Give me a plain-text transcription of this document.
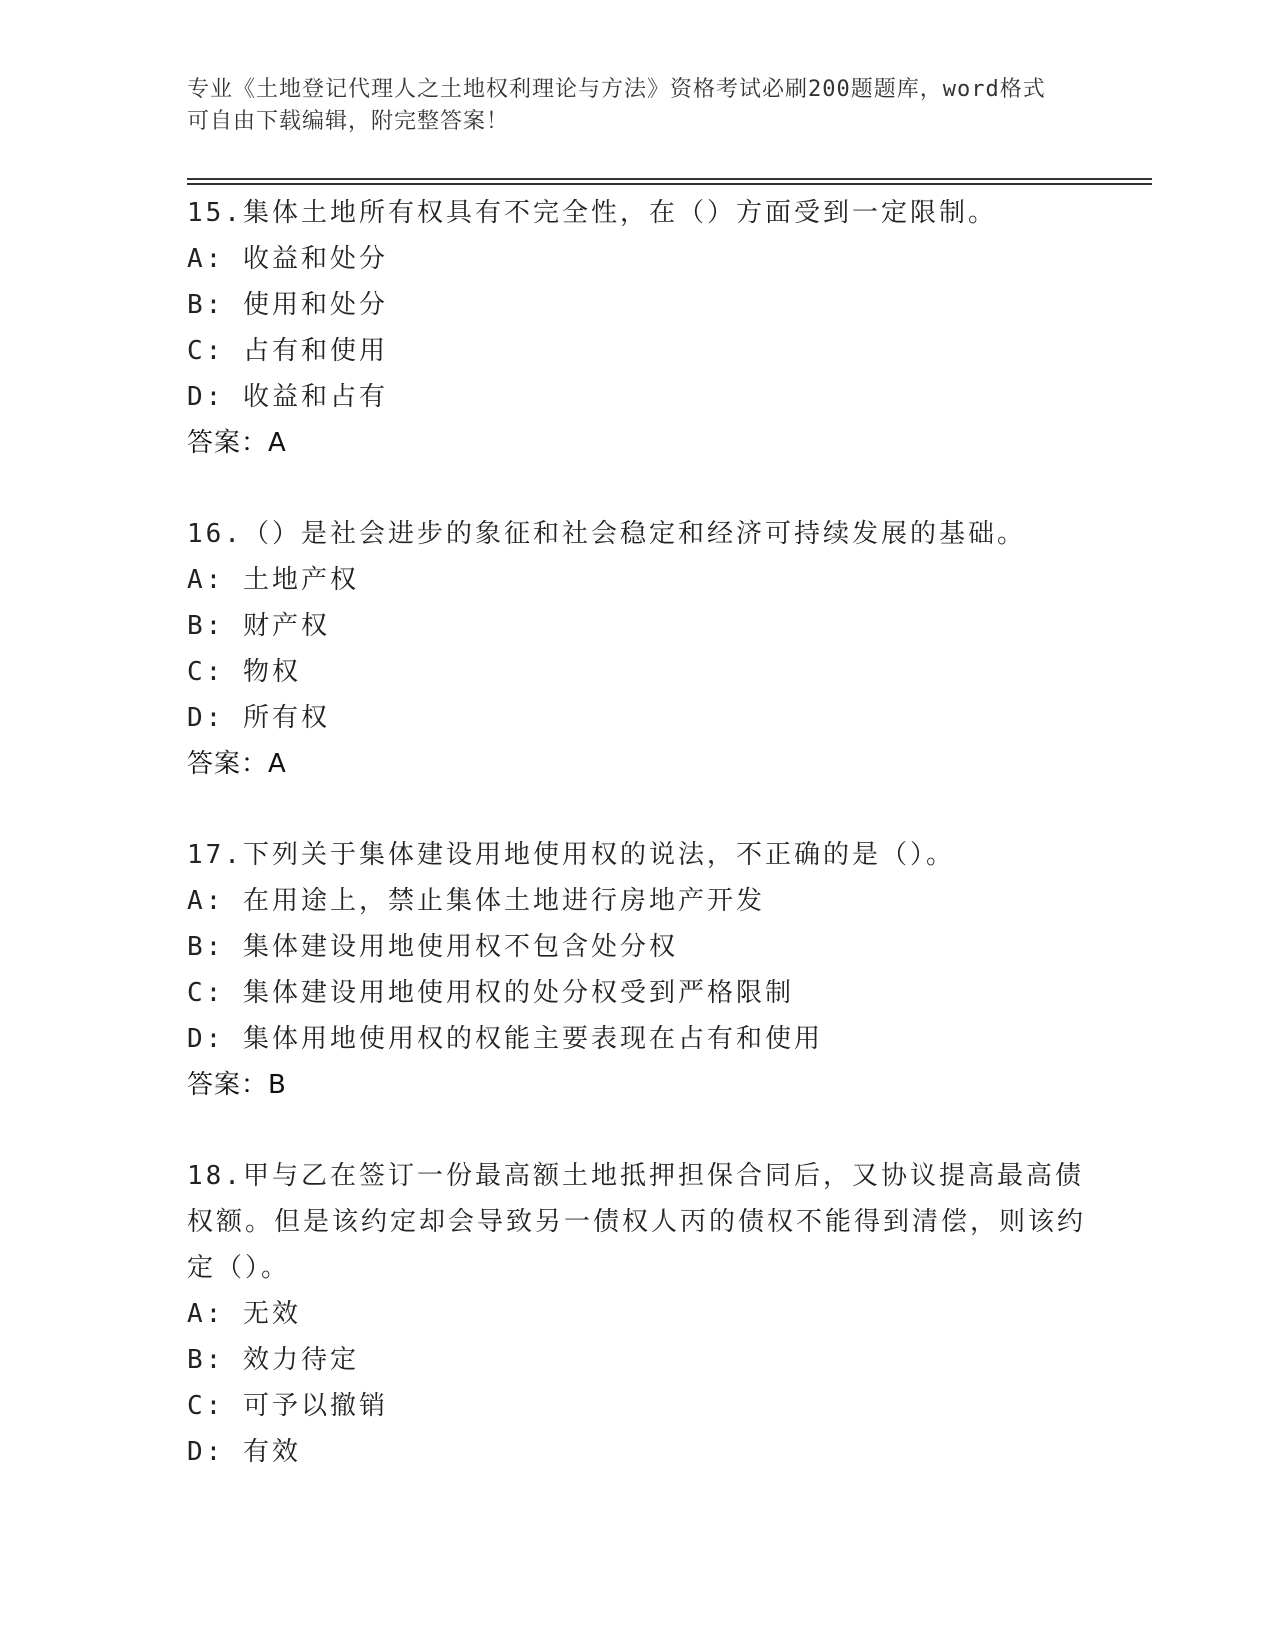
专业《土地登记代理人之土地权利理论与方法》资格考试必刷200题题库，word格式可自由下载编辑，附完整答案！
15.集体土地所有权具有不完全性，在（）方面受到一定限制。
A: 收益和处分
B: 使用和处分
C: 占有和使用
D: 收益和占有
答案：A
16.（）是社会进步的象征和社会稳定和经济可持续发展的基础。
A: 土地产权
B: 财产权
C: 物权
D: 所有权
答案：A
17.下列关于集体建设用地使用权的说法，不正确的是（）。
A: 在用途上，禁止集体土地进行房地产开发
B: 集体建设用地使用权不包含处分权
C: 集体建设用地使用权的处分权受到严格限制
D: 集体用地使用权的权能主要表现在占有和使用
答案：B
18.甲与乙在签订一份最高额土地抵押担保合同后，又协议提高最高债权额。但是该约定却会导致另一债权人丙的债权不能得到清偿，则该约定（）。
A: 无效
B: 效力待定
C: 可予以撤销
D: 有效
